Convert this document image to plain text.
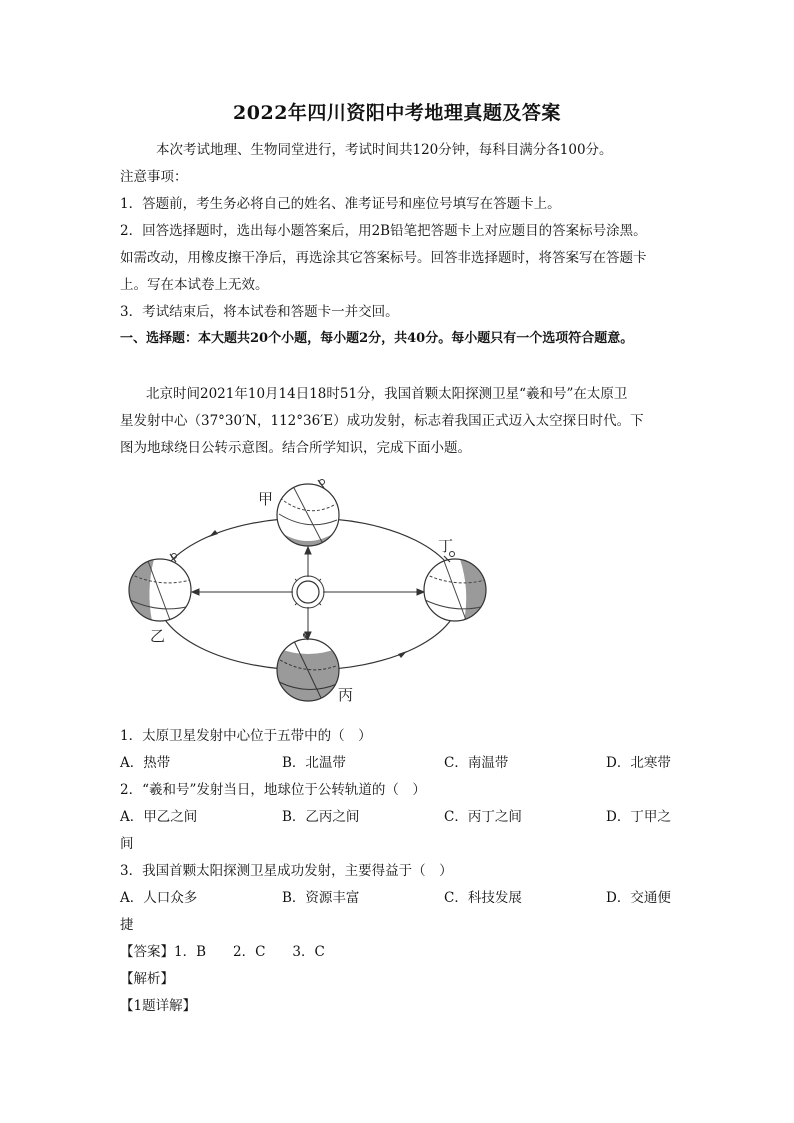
2022年四川资阳中考地理真题及答案
本次考试地理、生物同堂进行，考试时间共120分钟，每科目满分各100分。
注意事项：
1．答题前，考生务必将自己的姓名、准考证号和座位号填写在答题卡上。
2．回答选择题时，选出每小题答案后，用2B铅笔把答题卡上对应题目的答案标号涂黑。
如需改动，用橡皮擦干净后，再选涂其它答案标号。回答非选择题时，将答案写在答题卡
上。写在本试卷上无效。
3．考试结束后，将本试卷和答题卡一并交回。
一、选择题：本大题共20个小题，每小题2分，共40分。每小题只有一个选项符合题意。
北京时间2021年10月14日18时51分，我国首颗太阳探测卫星“羲和号”在太原卫
星发射中心（37°30′N，112°36′E）成功发射，标志着我国正式迈入太空探日时代。下
图为地球绕日公转示意图。结合所学知识，完成下面小题。
甲
乙
丙
丁
1．太原卫星发射中心位于五带中的（　）
A．热带	B．北温带	C．南温带	D．北寒带
2．“羲和号”发射当日，地球位于公转轨道的（　）
A．甲乙之间	B．乙丙之间	C．丙丁之间	D．丁甲之
间
3．我国首颗太阳探测卫星成功发射，主要得益于（　）
A．人口众多	B．资源丰富	C．科技发展	D．交通便
捷
【答案】1．B　　2．C　　3．C
【解析】
【1题详解】
